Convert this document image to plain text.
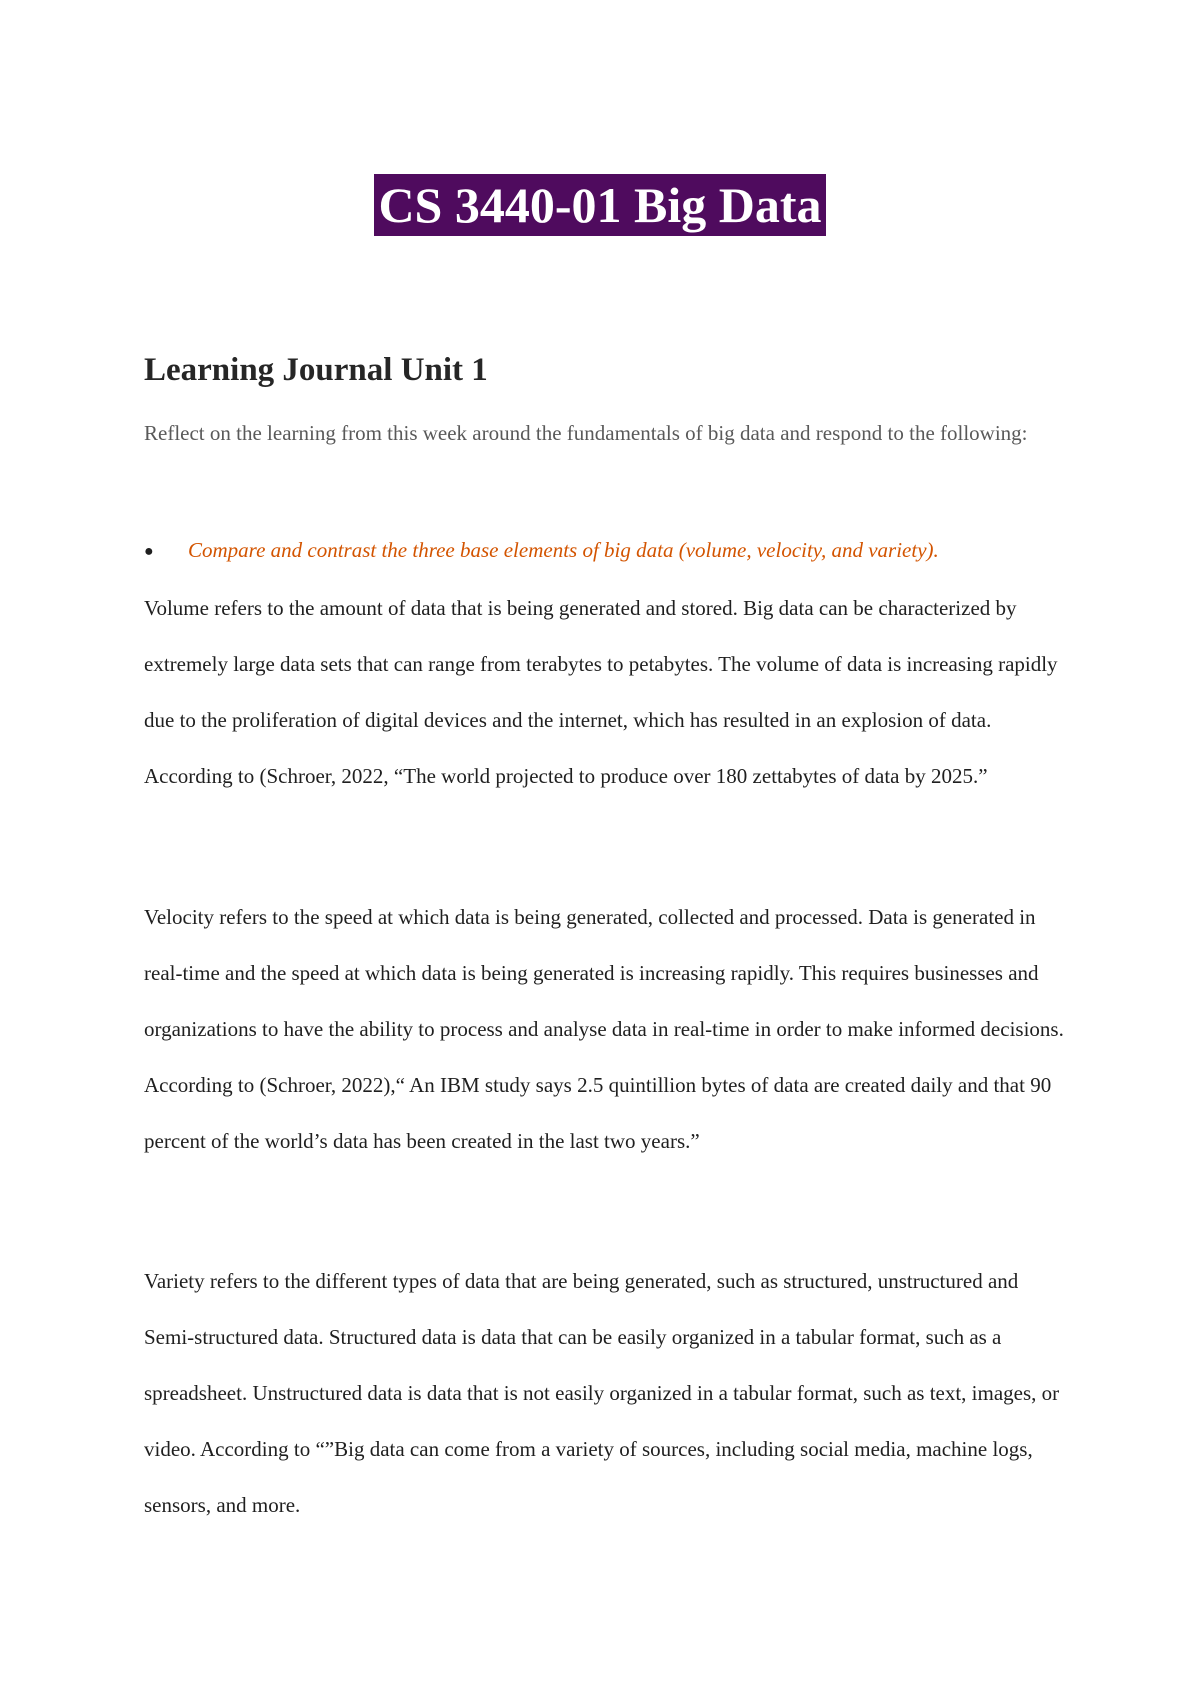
CS 3440-01 Big Data
Learning Journal Unit 1

Reflect on the learning from this week around the fundamentals of big data and respond to the following:

● Compare and contrast the three base elements of big data (volume, velocity, and variety).

Volume refers to the amount of data that is being generated and stored. Big data can be characterized by extremely large data sets that can range from terabytes to petabytes. The volume of data is increasing rapidly due to the proliferation of digital devices and the internet, which has resulted in an explosion of data. According to (Schroer, 2022, “The world projected to produce over 180 zettabytes of data by 2025.”

Velocity refers to the speed at which data is being generated, collected and processed. Data is generated in real-time and the speed at which data is being generated is increasing rapidly. This requires businesses and organizations to have the ability to process and analyse data in real-time in order to make informed decisions. According to (Schroer, 2022),“ An IBM study says 2.5 quintillion bytes of data are created daily and that 90 percent of the world’s data has been created in the last two years.”

Variety refers to the different types of data that are being generated, such as structured, unstructured and Semi-structured data. Structured data is data that can be easily organized in a tabular format, such as a spreadsheet. Unstructured data is data that is not easily organized in a tabular format, such as text, images, or video. According to “”Big data can come from a variety of sources, including social media, machine logs, sensors, and more.
